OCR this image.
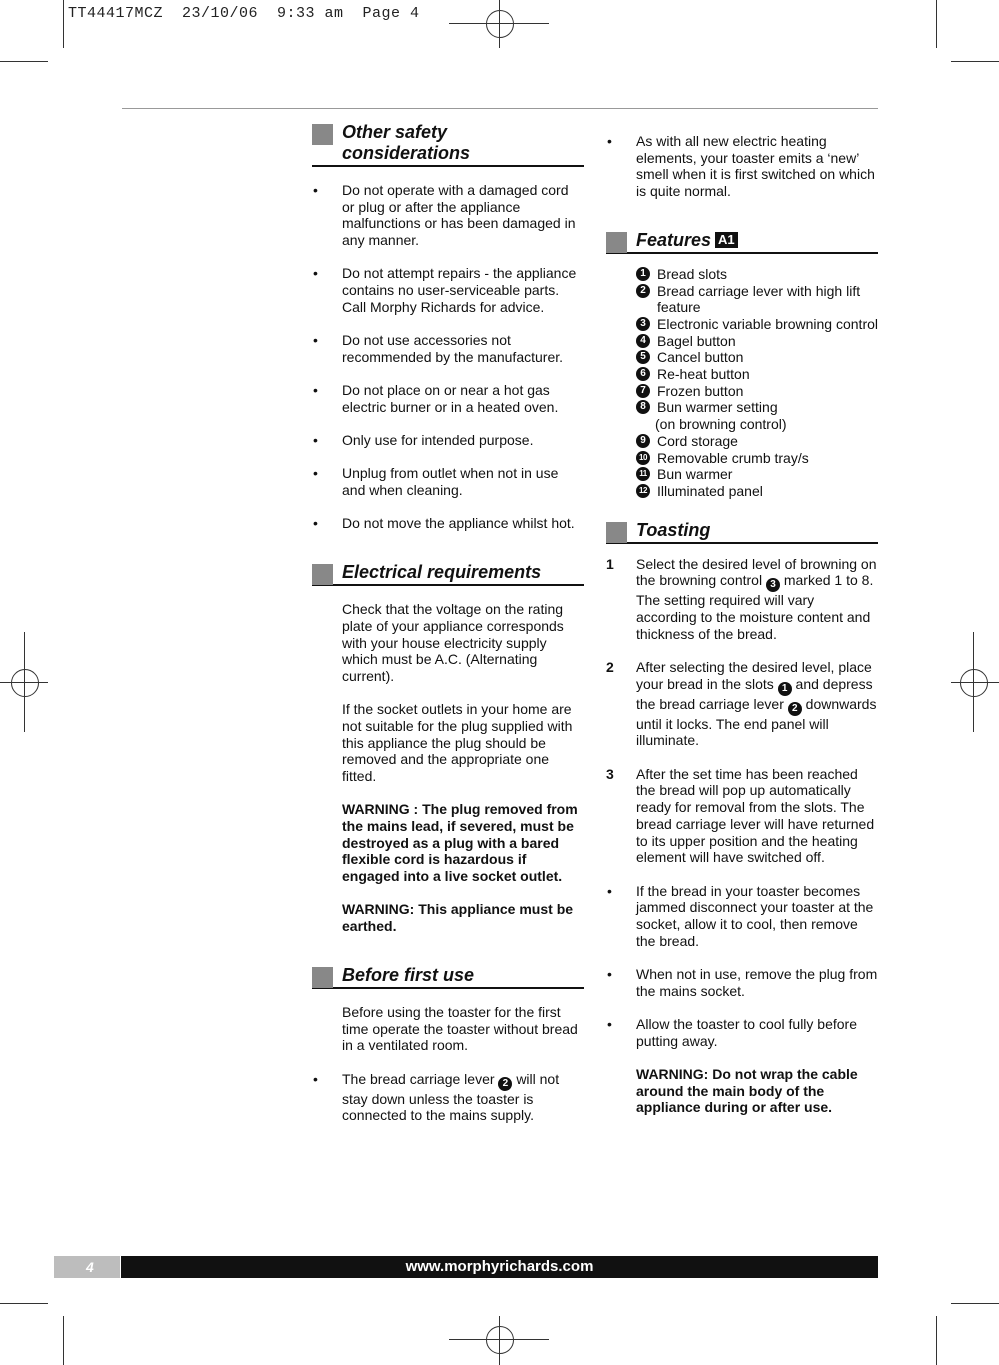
TT44417MCZ  23/10/06  9:33 am  Page 4
Other safety
considerations
• Do not operate with a damaged cord or plug or after the appliance malfunctions or has been damaged in any manner.
• Do not attempt repairs - the appliance contains no user-serviceable parts. Call Morphy Richards for advice.
• Do not use accessories not recommended by the manufacturer.
• Do not place on or near a hot gas electric burner or in a heated oven.
• Only use for intended purpose.
• Unplug from outlet when not in use and when cleaning.
• Do not move the appliance whilst hot.
Electrical requirements

Check that the voltage on the rating plate of your appliance corresponds with your house electricity supply which must be A.C. (Alternating current).

If the socket outlets in your home are not suitable for the plug supplied with this appliance the plug should be removed and the appropriate one fitted.

WARNING : The plug removed from the mains lead, if severed, must be destroyed as a plug with a bared flexible cord is hazardous if engaged into a live socket outlet.

WARNING: This appliance must be earthed.

Before first use

Before using the toaster for the first time operate the toaster without bread in a ventilated room.

• The bread carriage lever 2 will not stay down unless the toaster is connected to the mains supply.
• As with all new electric heating elements, your toaster emits a ‘new’ smell when it is first switched on which is quite normal.
Features A1
1 Bread slots
2 Bread carriage lever with high lift feature
3 Electronic variable browning control
4 Bagel button
5 Cancel button
6 Re-heat button
7 Frozen button
8 Bun warmer setting
(on browning control)
9 Cord storage
10 Removable crumb tray/s
11 Bun warmer
12 Illuminated panel
Toasting
1 Select the desired level of browning on the browning control 3 marked 1 to 8. The setting required will vary according to the moisture content and thickness of the bread.
2 After selecting the desired level, place your bread in the slots 1 and depress the bread carriage lever 2 downwards until it locks. The end panel will illuminate.
3 After the set time has been reached the bread will pop up automatically ready for removal from the slots. The bread carriage lever will have returned to its upper position and the heating element will have switched off.
• If the bread in your toaster becomes jammed disconnect your toaster at the socket, allow it to cool, then remove the bread.
• When not in use, remove the plug from the mains socket.
• Allow the toaster to cool fully before putting away.

WARNING: Do not wrap the cable around the main body of the appliance during or after use.

4	www.morphyrichards.com
